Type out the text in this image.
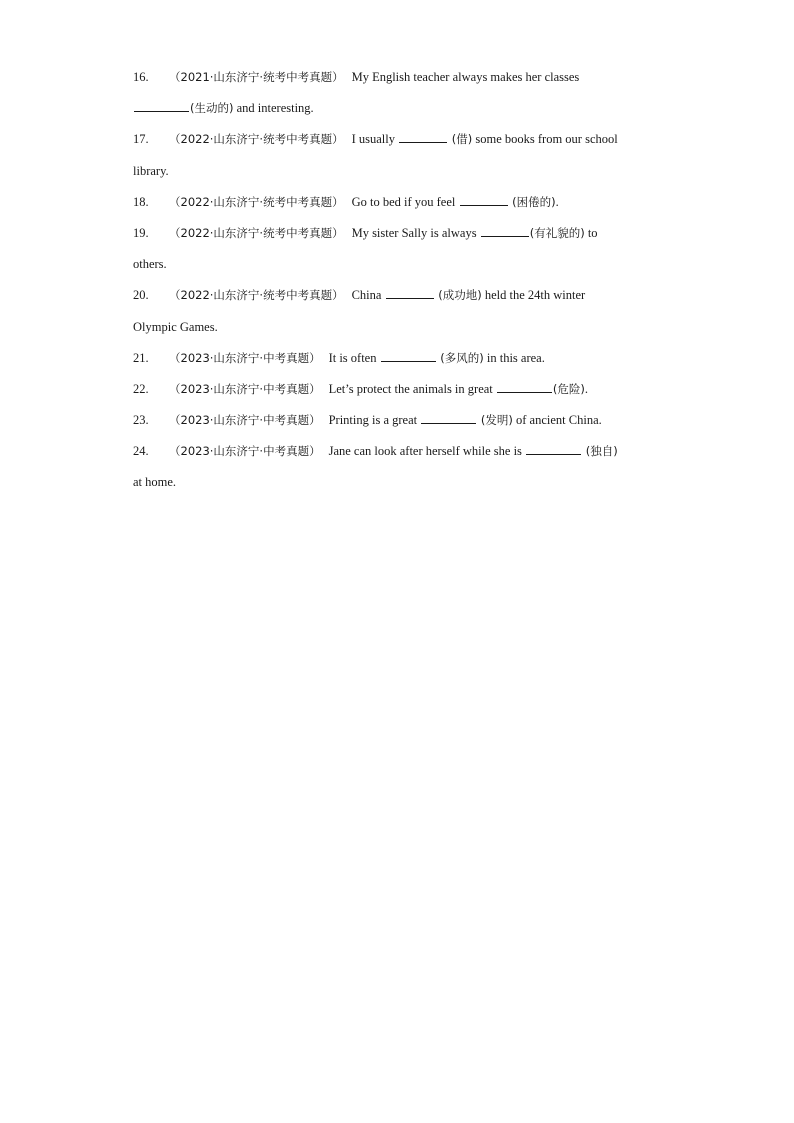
16. （2021·山东济宁·统考中考真题） My English teacher always makes her classes
(生动的) and interesting.
17. （2022·山东济宁·统考中考真题） I usually	(借) some books from our school
library.
18. （2022·山东济宁·统考中考真题） Go to bed if you feel	(困倦的).
19. （2022·山东济宁·统考中考真题） My sister Sally is always	(有礼貌的) to
others.
20. （2022·山东济宁·统考中考真题） China	(成功地) held the 24th winter
Olympic Games.
21. （2023·山东济宁·中考真题） It is often	(多风的) in this area.
22. （2023·山东济宁·中考真题） Let’s protect the animals in great	(危险).
23. （2023·山东济宁·中考真题） Printing is a great	(发明) of ancient China.
24. （2023·山东济宁·中考真题） Jane can look after herself while she is	(独自)
at home.
